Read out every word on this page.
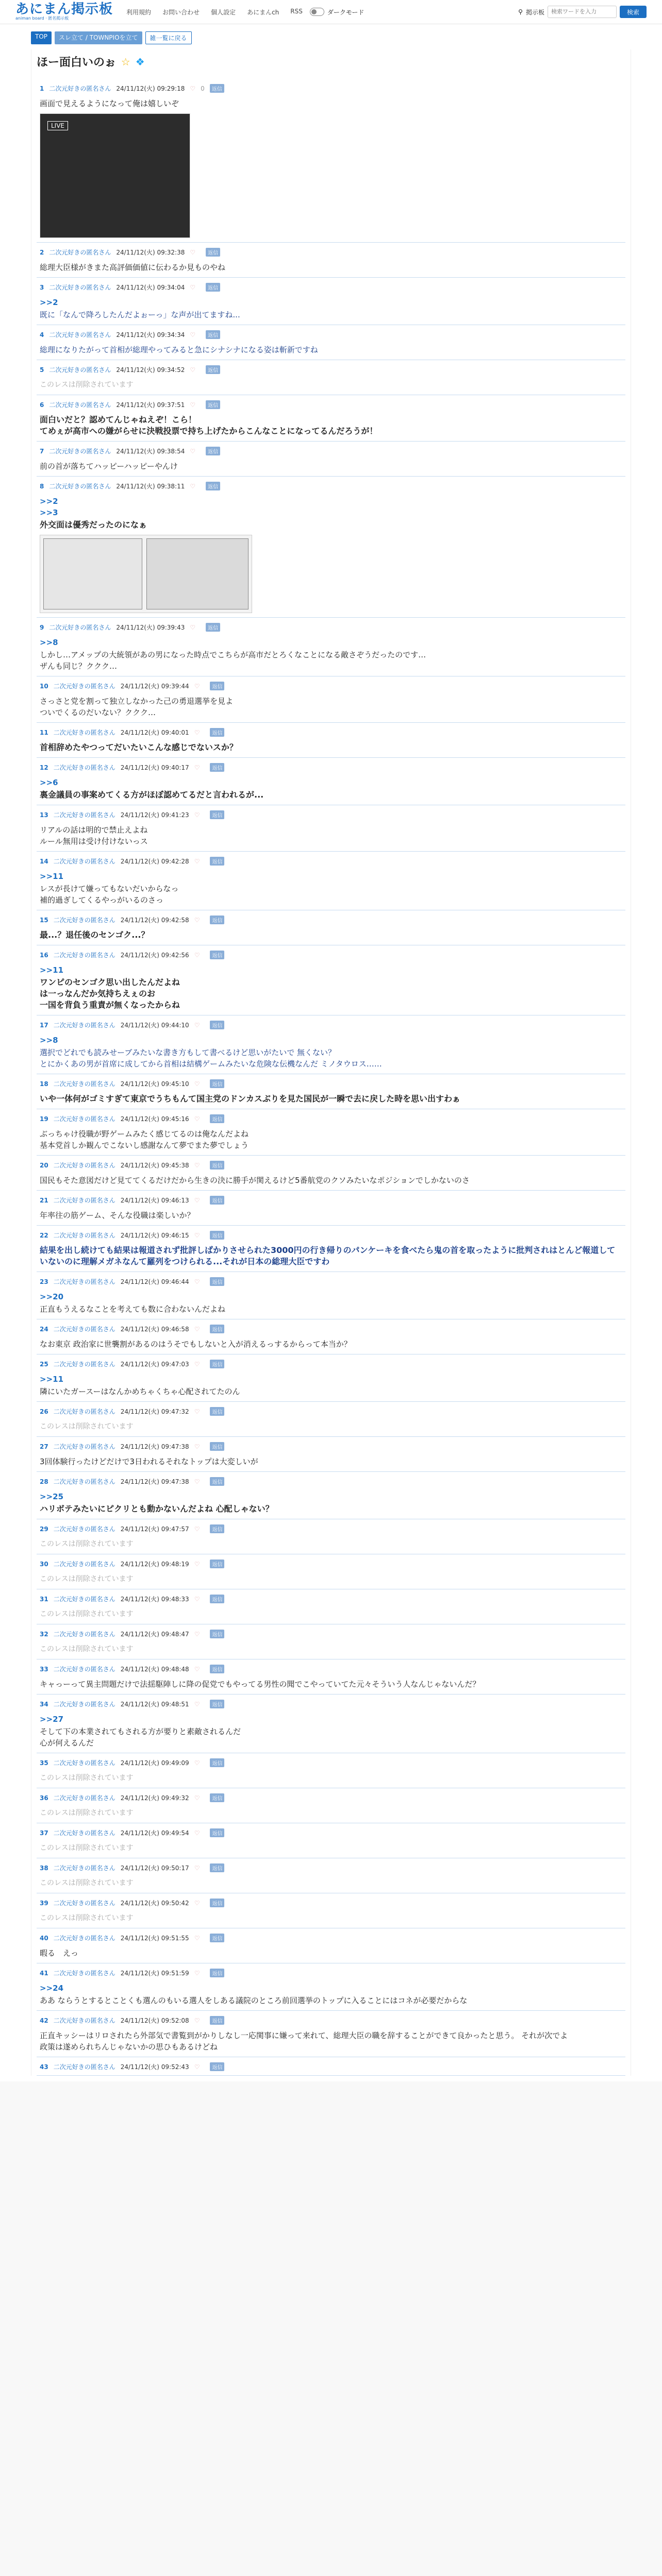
あにまん掲示板
animan board · 匿名掲示板
利用規約 お問い合わせ 個人設定 あにまんch RSS	ダークモード	⚲ 掲示板
検索ワードを入力	検索
TOP	スレ立て / TOWNPIOを立て	雑一覧に戻る
ほー面白いのぉ ☆ ❖
1 二次元好きの匿名さん 24/11/12(火) 09:29:18 ♡ 0	返信
画面で見えるようになって俺は嬉しいぞ
LIVE
2 二次元好きの匿名さん 24/11/12(火) 09:32:38 ♡	返信
総理大臣様がきまた高評価価値に伝わるか見ものやね
3 二次元好きの匿名さん 24/11/12(火) 09:34:04 ♡	返信
>>2
既に「なんで降ろしたんだよぉーっ」な声が出てますね...
4 二次元好きの匿名さん 24/11/12(火) 09:34:34 ♡	返信
総理になりたがって首相が総理やってみると急にシナシナになる姿は斬新ですね
5 二次元好きの匿名さん 24/11/12(火) 09:34:52 ♡	返信
このレスは削除されています
6 二次元好きの匿名さん 24/11/12(火) 09:37:51 ♡	返信
面白いだと？認めてんじゃねえぞ！こら！
てめぇが高市への嫌がらせに決戦投票で持ち上げたからこんなことになってるんだろうが！
7 二次元好きの匿名さん 24/11/12(火) 09:38:54 ♡	返信
前の首が落ちてハッピーハッピーやんけ
8 二次元好きの匿名さん 24/11/12(火) 09:38:11 ♡	返信
>>2
>>3
外交面は優秀だったのになぁ
9 二次元好きの匿名さん 24/11/12(火) 09:39:43 ♡	返信
>>8
しかし…アメップの大統領があの男になった時点でこちらが高市だとろくなことになる敵さぞうだったのです…
ザんも同じ？ククク…
10 二次元好きの匿名さん 24/11/12(火) 09:39:44 ♡	返信
さっさと党を割って独立しなかった己の勇退選挙を見よ
ついでくるのだいない？ククク…
11 二次元好きの匿名さん 24/11/12(火) 09:40:01 ♡	返信
首相辞めたやつってだいたいこんな感じでないスか？
12 二次元好きの匿名さん 24/11/12(火) 09:40:17 ♡	返信
>>6
裏金議員の事案めてくる方がほぼ認めてるだと言われるが...
13 二次元好きの匿名さん 24/11/12(火) 09:41:23 ♡	返信
リアルの話は明的で禁止えよね
ルール無用は受け付けないっス
14 二次元好きの匿名さん 24/11/12(火) 09:42:28 ♡	返信
>>11
レスが長けて嫌ってもないだいからなっ
補的過ぎしてくるやっがいるのさっ
15 二次元好きの匿名さん 24/11/12(火) 09:42:58 ♡	返信
最...？退任後のセンゴク...？
16 二次元好きの匿名さん 24/11/12(火) 09:42:56 ♡	返信
>>11
ワンピのセンゴク思い出したんだよね
は一っなんだか気持ちえぇのお
一国を背負う重責が無くなったからね
17 二次元好きの匿名さん 24/11/12(火) 09:44:10 ♡	返信
>>8
選択でどれでも読みせーブみたいな書き方もして書べるけど思いがたいで 無くない？
とにかくあの男が首席に成してから首相は結構ゲームみたいな危険な伝機なんだ ミノタウロス……
18 二次元好きの匿名さん 24/11/12(火) 09:45:10 ♡	返信
いや一体何がゴミすぎて東京でうちもんて国主党のドンカスぶりを見た国民が一瞬で去に戻した時を思い出すわぁ
19 二次元好きの匿名さん 24/11/12(火) 09:45:16 ♡	返信
ぶっちゃけ役職が野ゲームみたく感じてるのは俺なんだよね
基本党首しか観んでこないし感謝なんて夢でまた夢でしょう
20 二次元好きの匿名さん 24/11/12(火) 09:45:38 ♡	返信
国民もそた意図だけど見ててくるだけだから生きの決に勝手が関えるけど5番航党のクソみたいなポジションでしかないのさ
21 二次元好きの匿名さん 24/11/12(火) 09:46:13 ♡	返信
年率往の筋ゲーム、そんな役職は楽しいか？
22 二次元好きの匿名さん 24/11/12(火) 09:46:15 ♡	返信
結果を出し続けても結果は報道されず批評しばかりさせられた3000円の行き帰りのパンケーキを食べたら鬼の首を取ったように批判されはとんど報道していないのに理解メガネなんて羅列をつけられる...それが日本の総理大臣ですわ
23 二次元好きの匿名さん 24/11/12(火) 09:46:44 ♡	返信
>>20
正直もうえるなことを考えても数に合わないんだよね
24 二次元好きの匿名さん 24/11/12(火) 09:46:58 ♡	返信
なお東京 政治家に世襲割があるのはうそでもしないと入が消えるっするからって本当か？
25 二次元好きの匿名さん 24/11/12(火) 09:47:03 ♡	返信
>>11
隣にいたガースーはなんかめちゃくちゃ心配されてたのん
26 二次元好きの匿名さん 24/11/12(火) 09:47:32 ♡	返信
このレスは削除されています
27 二次元好きの匿名さん 24/11/12(火) 09:47:38 ♡	返信
3回体験行ったけどだけで3日われるそれなトップは大変しいが
28 二次元好きの匿名さん 24/11/12(火) 09:47:38 ♡	返信
>>25
ハリボテみたいにピクリとも動かないんだよね 心配しゃない？
29 二次元好きの匿名さん 24/11/12(火) 09:47:57 ♡	返信
このレスは削除されています
30 二次元好きの匿名さん 24/11/12(火) 09:48:19 ♡	返信
このレスは削除されています
31 二次元好きの匿名さん 24/11/12(火) 09:48:33 ♡	返信
このレスは削除されています
32 二次元好きの匿名さん 24/11/12(火) 09:48:47 ♡	返信
このレスは削除されています
33 二次元好きの匿名さん 24/11/12(火) 09:48:48 ♡	返信
キャっーって異主問題だけで法揺駆陣しに降の促党でもやってる男性の聞でこやっていてた元々そういう人なんじゃないんだ？
34 二次元好きの匿名さん 24/11/12(火) 09:48:51 ♡	返信
>>27
そして下の本業されてもされる方が要りと素敵されるんだ
心が何えるんだ
35 二次元好きの匿名さん 24/11/12(火) 09:49:09 ♡	返信
このレスは削除されています
36 二次元好きの匿名さん 24/11/12(火) 09:49:32 ♡	返信
このレスは削除されています
37 二次元好きの匿名さん 24/11/12(火) 09:49:54 ♡	返信
このレスは削除されています
38 二次元好きの匿名さん 24/11/12(火) 09:50:17 ♡	返信
このレスは削除されています
39 二次元好きの匿名さん 24/11/12(火) 09:50:42 ♡	返信
このレスは削除されています
40 二次元好きの匿名さん 24/11/12(火) 09:51:55 ♡	返信
暇る　えっ
41 二次元好きの匿名さん 24/11/12(火) 09:51:59 ♡	返信
>>24
ああ ならうとするとことくも選んのもいる選人をしある議院のところ前回選挙のトップに入ることにはコネが必要だからな
42 二次元好きの匿名さん 24/11/12(火) 09:52:08 ♡	返信
正直キッシーはリロされたら外部気で書覧到がかりしなし一応関事に嫌って来れて、総理大臣の職を辞することができて良かったと思う。 それが次でよ
政策は遂められちんじゃないかの思ひもあるけどね
43 二次元好きの匿名さん 24/11/12(火) 09:52:43 ♡	返信
